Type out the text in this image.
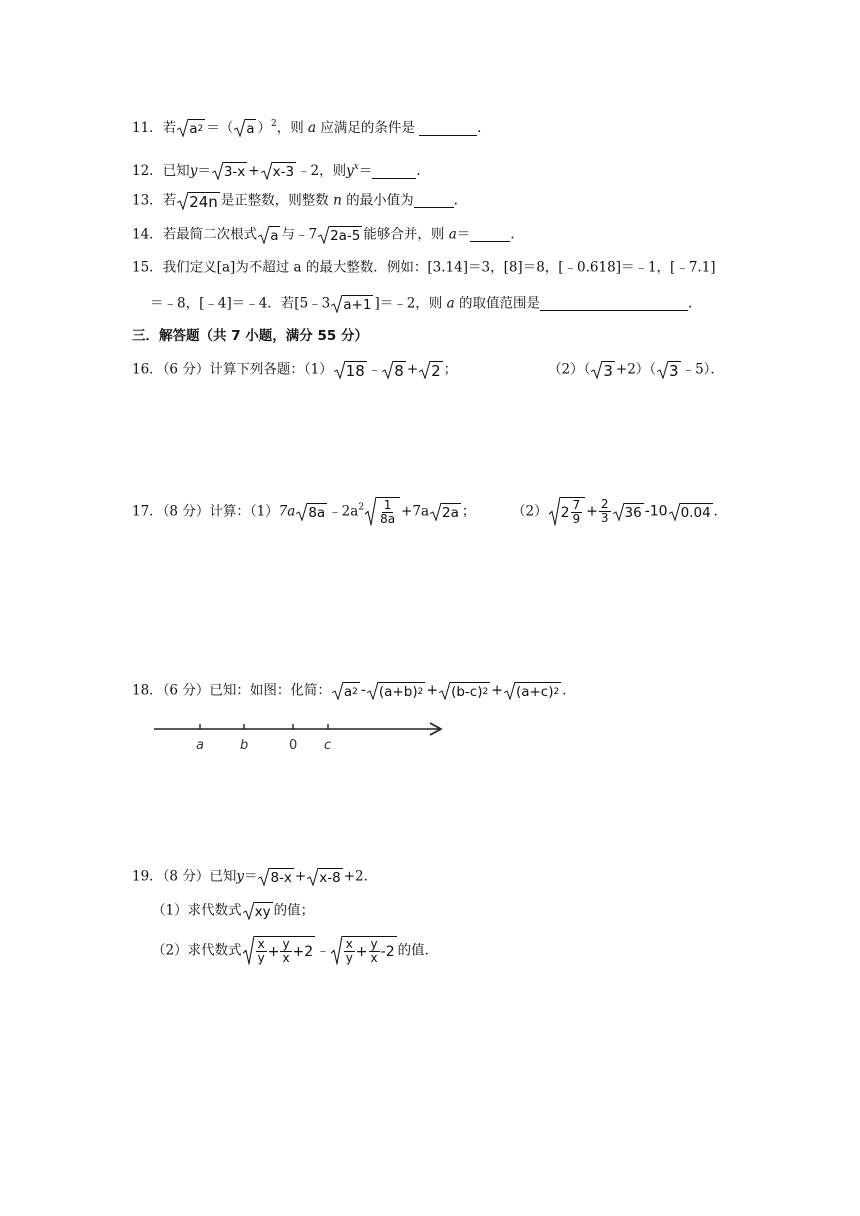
11．若 a 2 ＝（ a ）$^2$，则 a 应满足的条件是	.
12．已知y＝ 3-x + x-3 ﹣2，则$y^x=$	.
13．若 24n 是正整数，则整数 n 的最小值为	.
14．若最简二次根式 a 与﹣7 2a-5 能够合并，则 a＝	.
15．我们定义[a]为不超过 a 的最大整数．例如：[3.14]＝3，[8]＝8，[﹣0.618]＝﹣1，[﹣7.1]
＝﹣8，[﹣4]＝﹣4．若[5﹣3 a+1 ]＝﹣2，则 a 的取值范围是	.
三．解答题（共 7 小题，满分 55 分）
16．（6 分）计算下列各题：（1） 18 ﹣ 8 + 2 ；	（2）（ 3 +2）（ 3 ﹣5）．
17．（8 分）计算：（1）7a 8a $﹣2a^2 \frac{1}{8a} +7a$ 2a ；	（2） $2 \frac{7}{9} + \frac{2}{3} 36$ -10 0.04 ．
18．（6 分）已知：如图：化简： a 2 - (a+b) 2 + (b-c) 2 + (a+c) 2 ．
a	b	0 c
19．（8 分）已知y＝ 8-x + x-8 +2．
（1）求代数式 xy 的值；
（2）求代数式 $\frac{x}{y} + \frac{y}{x} +2$ ﹣ $\frac{x}{y} + \frac{y}{x} -2$ 的值．
